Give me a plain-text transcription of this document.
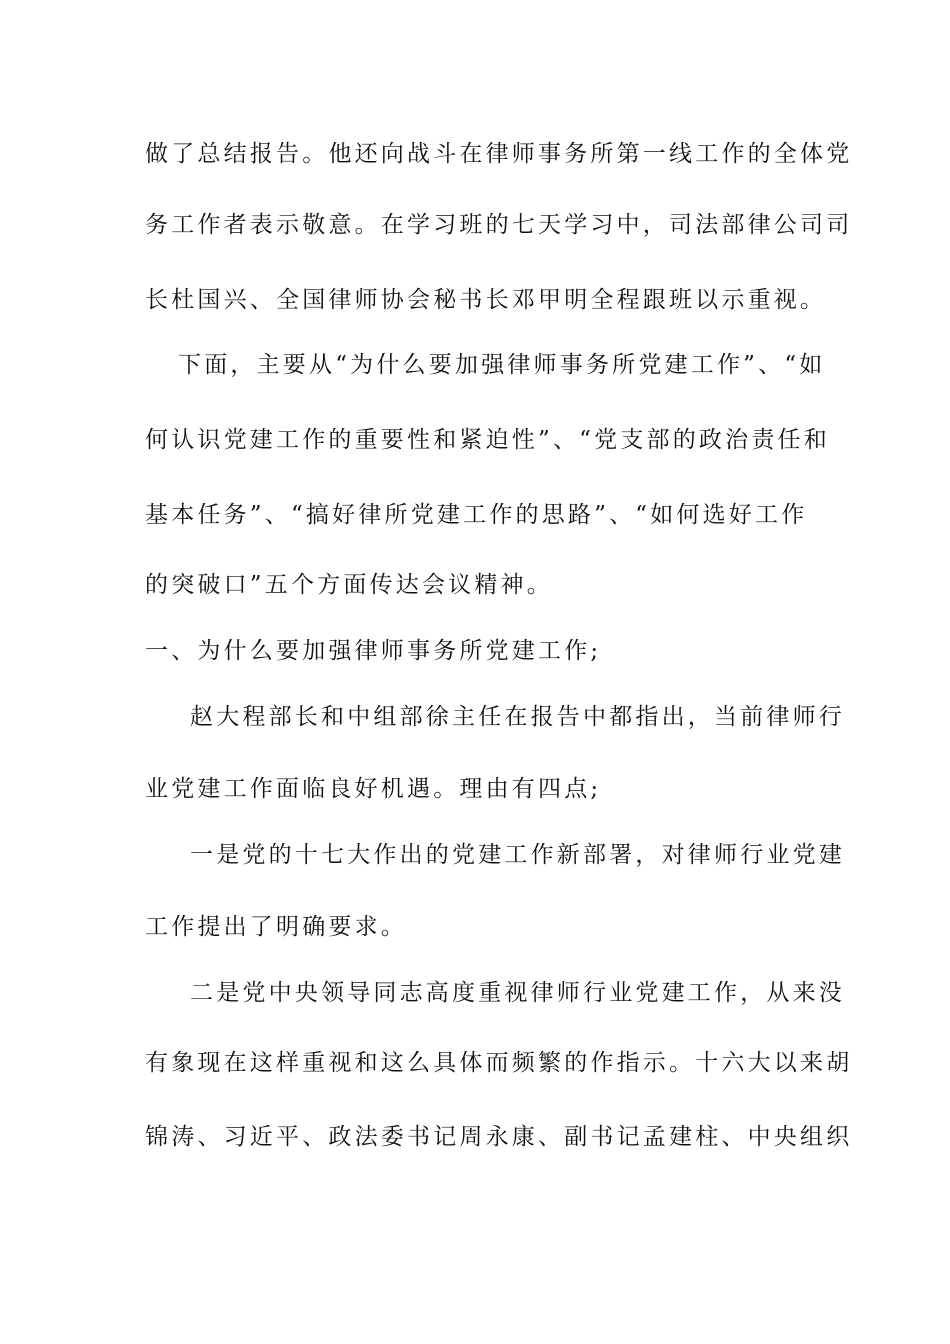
做了总结报告。他还向战斗在律师事务所第一线工作的全体党
务工作者表示敬意。在学习班的七天学习中，司法部律公司司
长杜国兴、全国律师协会秘书长邓甲明全程跟班以示重视。
下面，主要从“为什么要加强律师事务所党建工作”、“如
何认识党建工作的重要性和紧迫性”、“党支部的政治责任和
基本任务”、“搞好律所党建工作的思路”、“如何选好工作
的突破口”五个方面传达会议精神。
一、为什么要加强律师事务所党建工作;
赵大程部长和中组部徐主任在报告中都指出，当前律师行
业党建工作面临良好机遇。理由有四点;
一是党的十七大作出的党建工作新部署，对律师行业党建
工作提出了明确要求。
二是党中央领导同志高度重视律师行业党建工作，从来没
有象现在这样重视和这么具体而频繁的作指示。十六大以来胡
锦涛、习近平、政法委书记周永康、副书记孟建柱、中央组织
